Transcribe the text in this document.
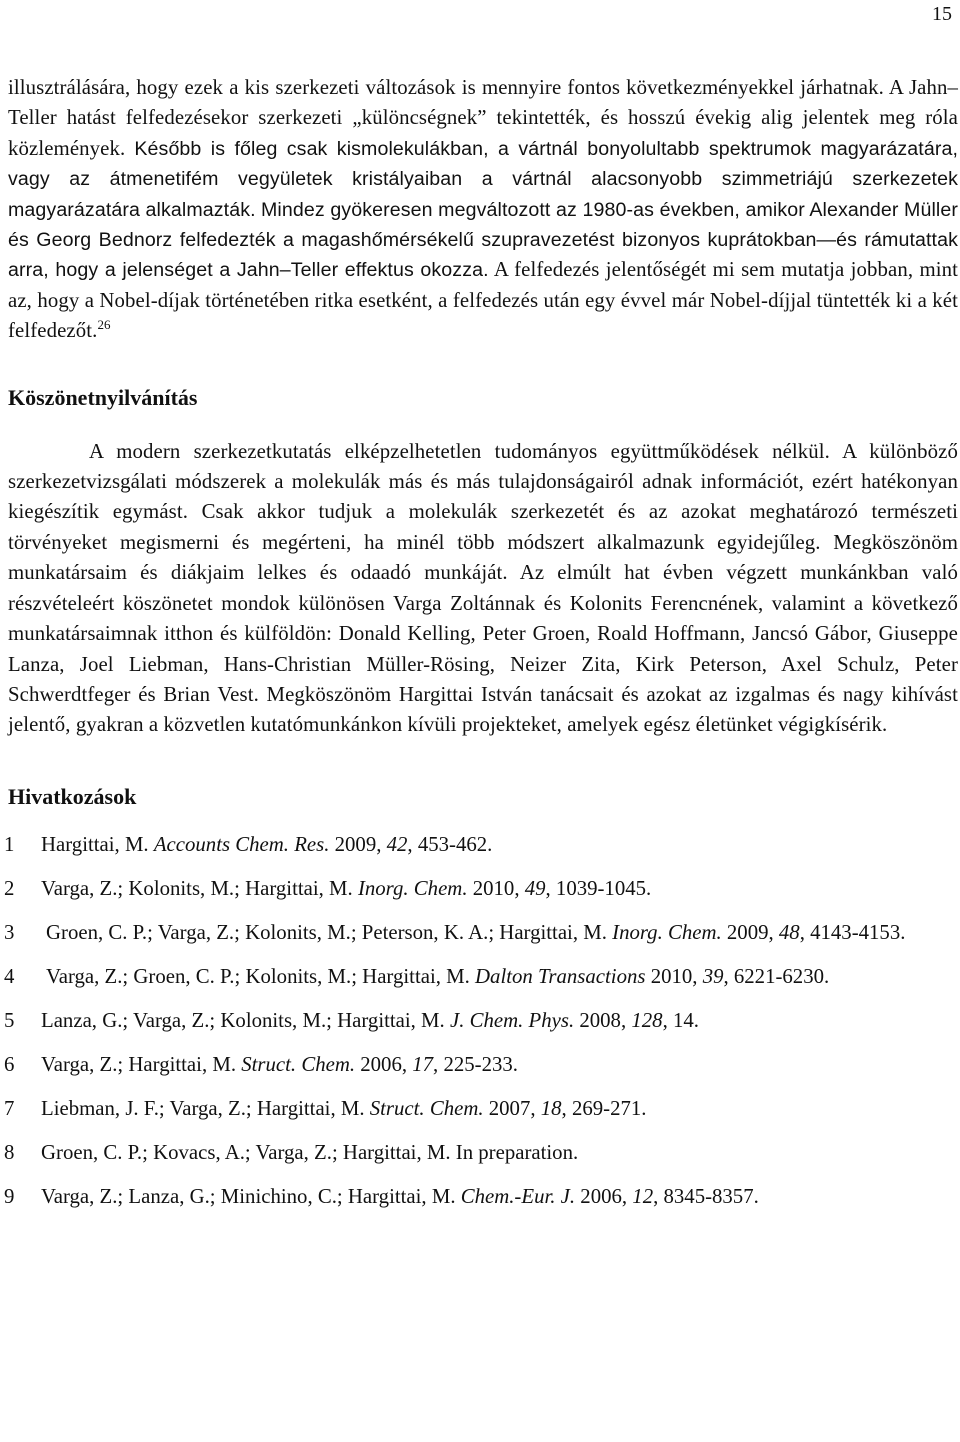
15

illusztrálására, hogy ezek a kis szerkezeti változások is mennyire fontos következményekkel járhatnak. A Jahn–Teller hatást felfedezésekor szerkezeti „különcségnek” tekintették, és hosszú évekig alig jelentek meg róla közlemények. Később is főleg csak kismolekulákban, a vártnál bonyolultabb spektrumok magyarázatára, vagy az átmenetifém vegyületek kristályaiban a vártnál alacsonyobb szimmetriájú szerkezetek magyarázatára alkalmazták. Mindez gyökeresen megváltozott az 1980-as években, amikor Alexander Müller és Georg Bednorz felfedezték a magashőmérsékelű szupravezetést bizonyos kuprátokban—és rámutattak arra, hogy a jelenséget a Jahn–Teller effektus okozza. A felfedezés jelentőségét mi sem mutatja jobban, mint az, hogy a Nobel-díjak történetében ritka esetként, a felfedezés után egy évvel már Nobel-díjjal tüntették ki a két felfedezőt.$^{26}$

Köszönetnyilvánítás

A modern szerkezetkutatás elképzelhetetlen tudományos együttműködések nélkül. A különböző szerkezetvizsgálati módszerek a molekulák más és más tulajdonságairól adnak információt, ezért hatékonyan kiegészítik egymást. Csak akkor tudjuk a molekulák szerkezetét és az azokat meghatározó természeti törvényeket megismerni és megérteni, ha minél több módszert alkalmazunk egyidejűleg. Megköszönöm munkatársaim és diákjaim lelkes és odaadó munkáját. Az elmúlt hat évben végzett munkánkban való részvételeért köszönetet mondok különösen Varga Zoltánnak és Kolonits Ferencnének, valamint a következő munkatársaimnak itthon és külföldön: Donald Kelling, Peter Groen, Roald Hoffmann, Jancsó Gábor, Giuseppe Lanza, Joel Liebman, Hans-Christian Müller-Rösing, Neizer Zita, Kirk Peterson, Axel Schulz, Peter Schwerdtfeger és Brian Vest. Megköszönöm Hargittai István tanácsait és azokat az izgalmas és nagy kihívást jelentő, gyakran a közvetlen kutatómunkánkon kívüli projekteket, amelyek egész életünket végigkísérik.

Hivatkozások
1 Hargittai, M. Accounts Chem. Res. 2009, 42, 453-462.
2 Varga, Z.; Kolonits, M.; Hargittai, M. Inorg. Chem. 2010, 49, 1039-1045.
3 Groen, C. P.; Varga, Z.; Kolonits, M.; Peterson, K. A.; Hargittai, M. Inorg. Chem. 2009, 48, 4143-4153.
4 Varga, Z.; Groen, C. P.; Kolonits, M.; Hargittai, M. Dalton Transactions 2010, 39, 6221-6230.
5 Lanza, G.; Varga, Z.; Kolonits, M.; Hargittai, M. J. Chem. Phys. 2008, 128, 14.
6 Varga, Z.; Hargittai, M. Struct. Chem. 2006, 17, 225-233.
7 Liebman, J. F.; Varga, Z.; Hargittai, M. Struct. Chem. 2007, 18, 269-271.
8 Groen, C. P.; Kovacs, A.; Varga, Z.; Hargittai, M. In preparation.
9 Varga, Z.; Lanza, G.; Minichino, C.; Hargittai, M. Chem.-Eur. J. 2006, 12, 8345-8357.
